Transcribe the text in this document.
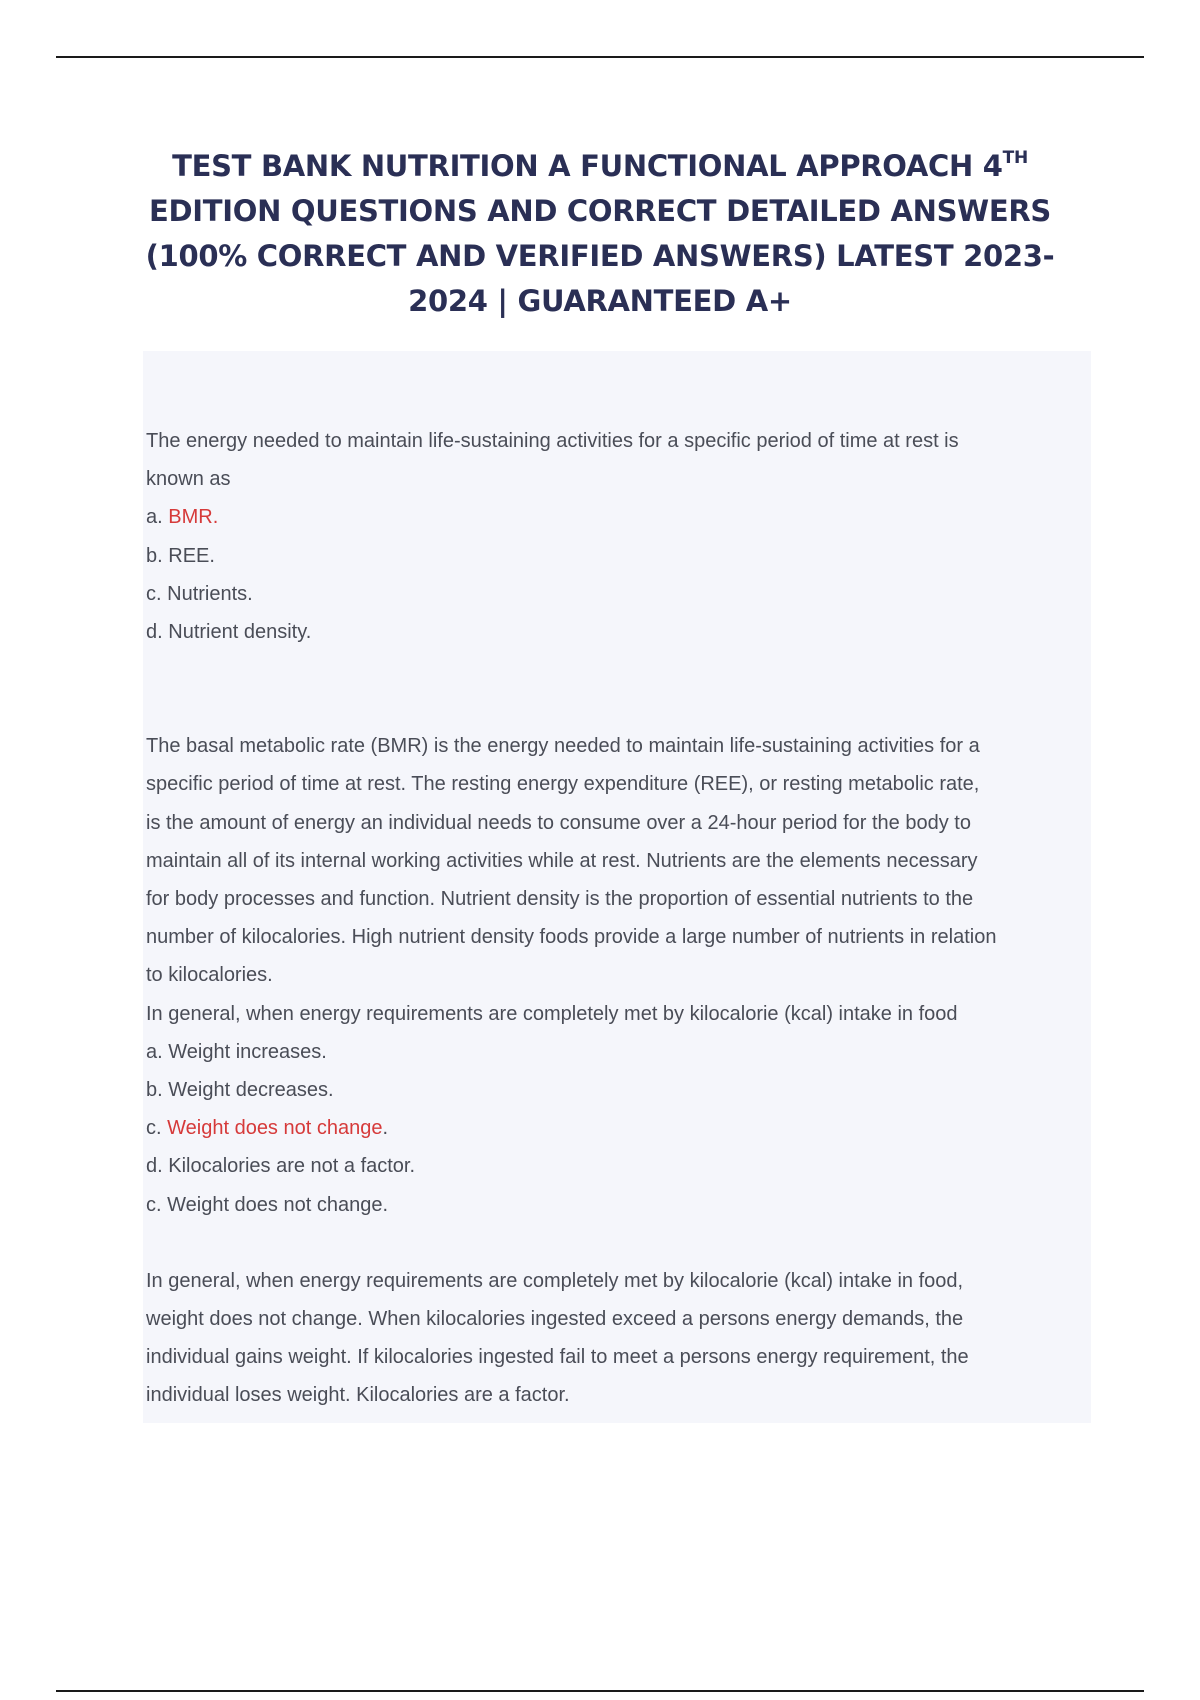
TEST BANK NUTRITION A FUNCTIONAL APPROACH 4TH EDITION QUESTIONS AND CORRECT DETAILED ANSWERS (100% CORRECT AND VERIFIED ANSWERS) LATEST 2023-2024 | GUARANTEED A+

The energy needed to maintain life-sustaining activities for a specific period of time at rest is

known as

a. BMR.

b. REE.

c. Nutrients.

d. Nutrient density.

The basal metabolic rate (BMR) is the energy needed to maintain life-sustaining activities for a

specific period of time at rest. The resting energy expenditure (REE), or resting metabolic rate,

is the amount of energy an individual needs to consume over a 24-hour period for the body to

maintain all of its internal working activities while at rest. Nutrients are the elements necessary

for body processes and function. Nutrient density is the proportion of essential nutrients to the

number of kilocalories. High nutrient density foods provide a large number of nutrients in relation

to kilocalories.

In general, when energy requirements are completely met by kilocalorie (kcal) intake in food

a. Weight increases.

b. Weight decreases.

c. Weight does not change.

d. Kilocalories are not a factor.

c. Weight does not change.

In general, when energy requirements are completely met by kilocalorie (kcal) intake in food,

weight does not change. When kilocalories ingested exceed a persons energy demands, the

individual gains weight. If kilocalories ingested fail to meet a persons energy requirement, the

individual loses weight. Kilocalories are a factor.
